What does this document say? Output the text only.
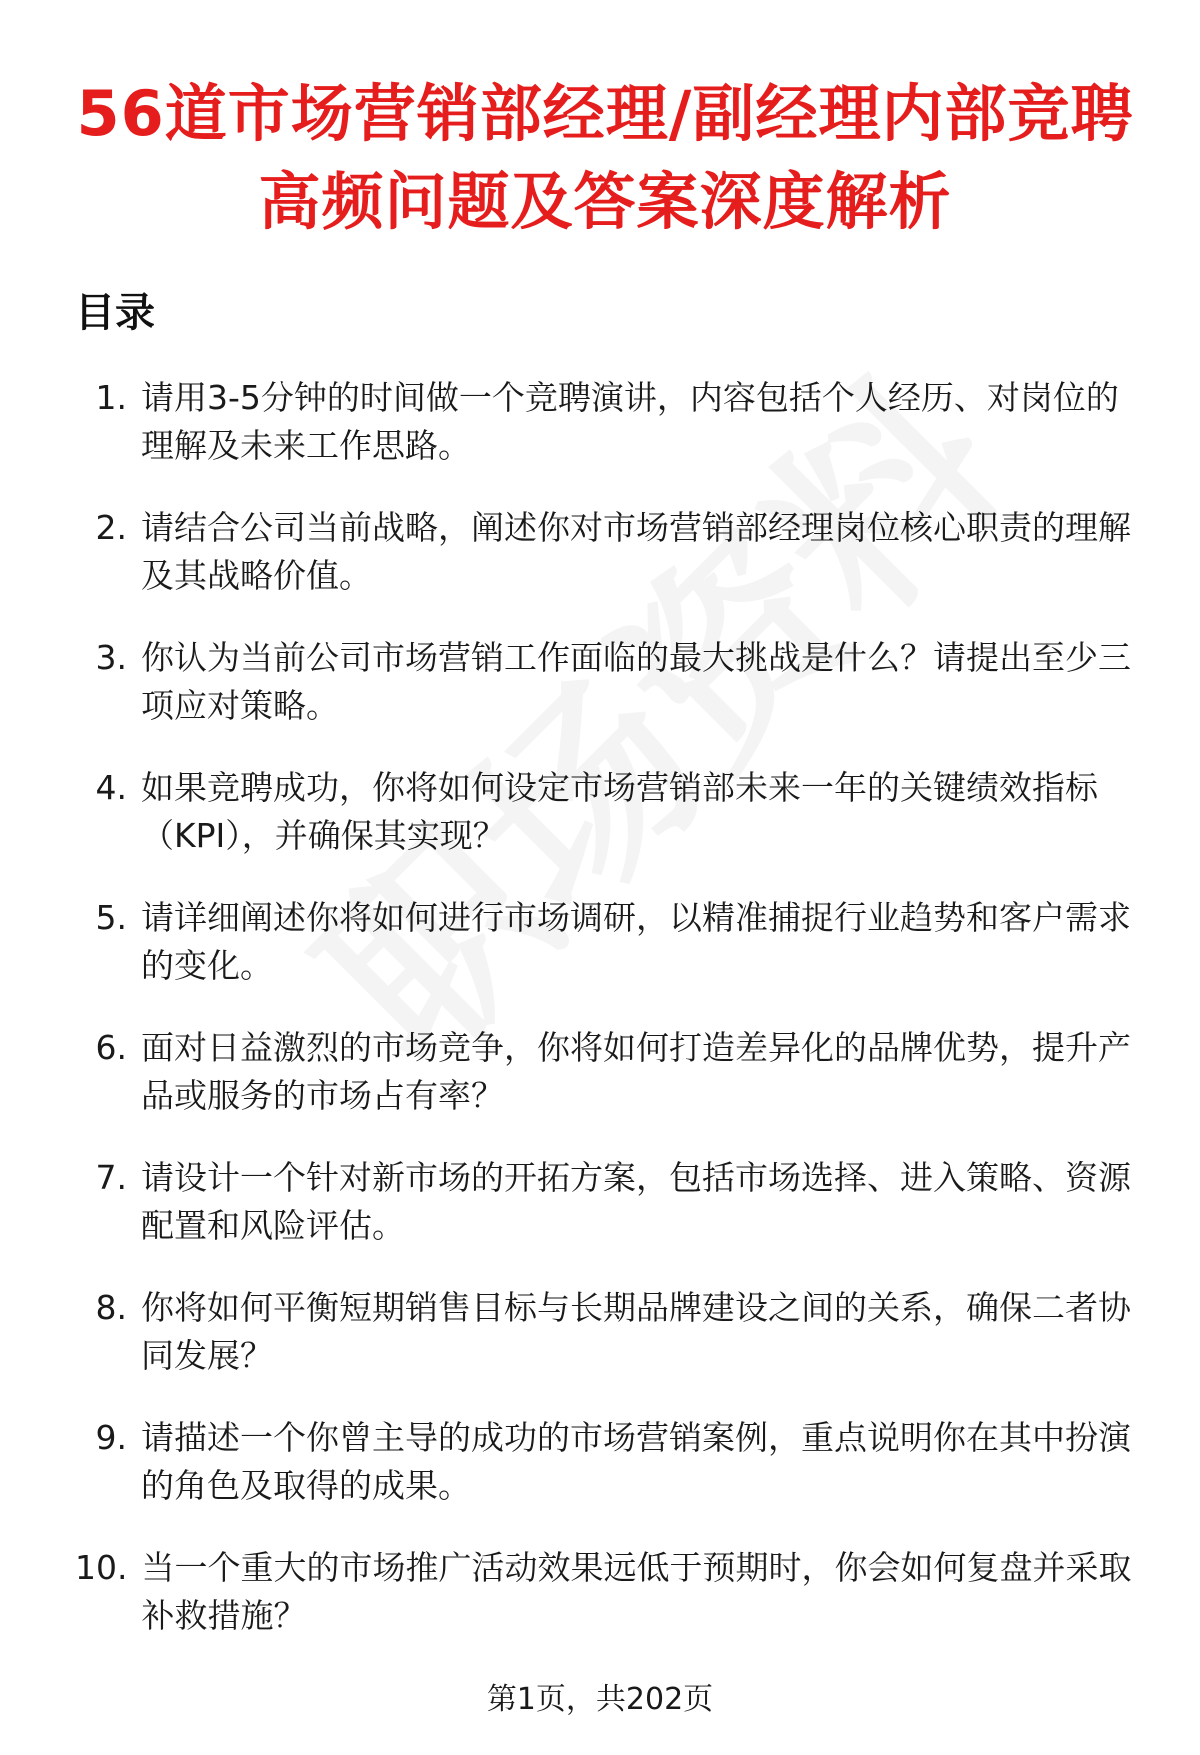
56道市场营销部经理/副经理内部竞聘高频问题及答案深度解析
目录
1. 请用3-5分钟的时间做一个竞聘演讲，内容包括个人经历、对岗位的理解及未来工作思路。
2. 请结合公司当前战略，阐述你对市场营销部经理岗位核心职责的理解及其战略价值。
3. 你认为当前公司市场营销工作面临的最大挑战是什么？请提出至少三项应对策略。
4. 如果竞聘成功，你将如何设定市场营销部未来一年的关键绩效指标（KPI），并确保其实现？
5. 请详细阐述你将如何进行市场调研，以精准捕捉行业趋势和客户需求的变化。
6. 面对日益激烈的市场竞争，你将如何打造差异化的品牌优势，提升产品或服务的市场占有率？
7. 请设计一个针对新市场的开拓方案，包括市场选择、进入策略、资源配置和风险评估。
8. 你将如何平衡短期销售目标与长期品牌建设之间的关系，确保二者协同发展？
9. 请描述一个你曾主导的成功的市场营销案例，重点说明你在其中扮演的角色及取得的成果。
10. 当一个重大的市场推广活动效果远低于预期时，你会如何复盘并采取补救措施？
第1页，共202页
